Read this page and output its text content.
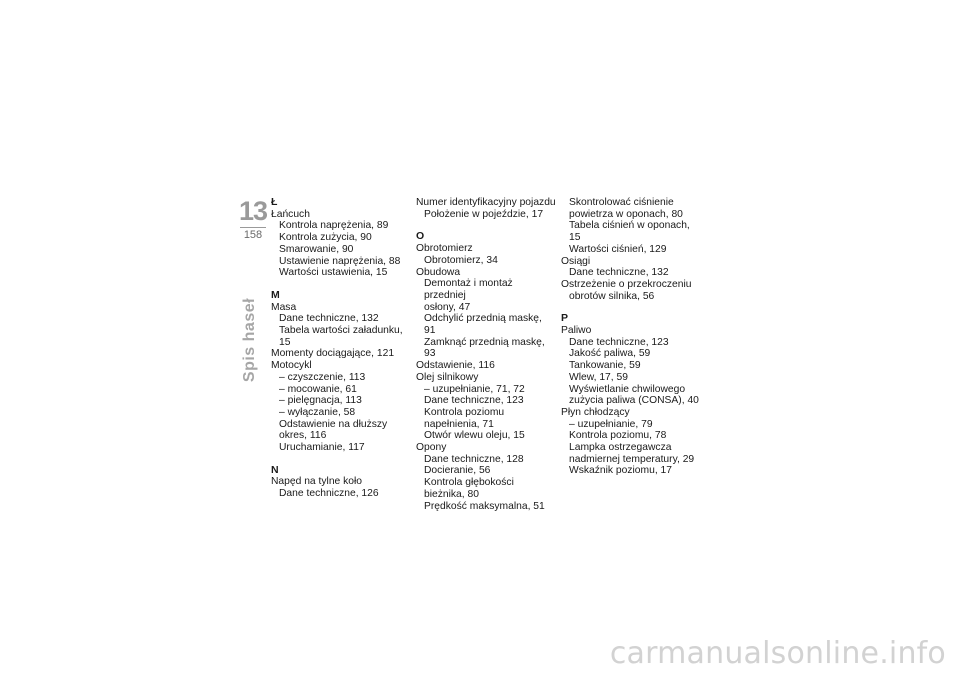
13
158
Spis haseł
Ł
Łańcuch
Kontrola naprężenia, 89
Kontrola zużycia, 90
Smarowanie, 90
Ustawienie naprężenia, 88
Wartości ustawienia, 15
M
Masa
Dane techniczne, 132
Tabela wartości załadunku, 15
Momenty dociągające, 121
Motocykl
– czyszczenie, 113
– mocowanie, 61
– pielęgnacja, 113
– wyłączanie, 58
Odstawienie na dłuższy
okres, 116
Uruchamianie, 117
N
Napęd na tylne koło
Dane techniczne, 126
Numer identyfikacyjny pojazdu
Położenie w pojeździe, 17
O
Obrotomierz
Obrotomierz, 34
Obudowa
Demontaż i montaż przedniej
osłony, 47
Odchylić przednią maskę, 91
Zamknąć przednią maskę, 93
Odstawienie, 116
Olej silnikowy
– uzupełnianie, 71, 72
Dane techniczne, 123
Kontrola poziomu
napełnienia, 71
Otwór wlewu oleju, 15
Opony
Dane techniczne, 128
Docieranie, 56
Kontrola głębokości
bieżnika, 80
Prędkość maksymalna, 51
Skontrolować ciśnienie
powietrza w oponach, 80
Tabela ciśnień w oponach, 15
Wartości ciśnień, 129
Osiągi
Dane techniczne, 132
Ostrzeżenie o przekroczeniu
obrotów silnika, 56
P
Paliwo
Dane techniczne, 123
Jakość paliwa, 59
Tankowanie, 59
Wlew, 17, 59
Wyświetlanie chwilowego
zużycia paliwa (CONSA), 40
Płyn chłodzący
– uzupełnianie, 79
Kontrola poziomu, 78
Lampka ostrzegawcza
nadmiernej temperatury, 29
Wskaźnik poziomu, 17
carmanualsonline.info
